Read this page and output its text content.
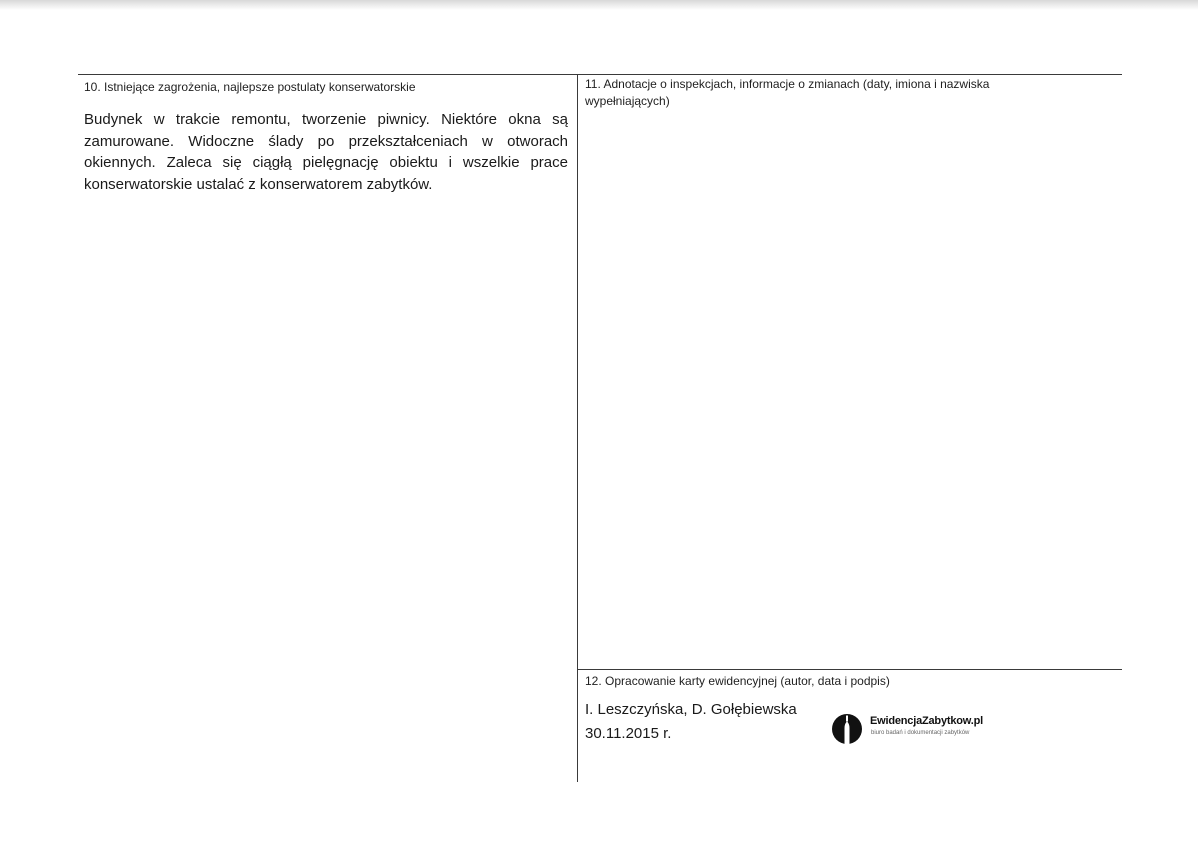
10. Istniejące zagrożenia, najlepsze postulaty konserwatorskie
Budynek w trakcie remontu, tworzenie piwnicy. Niektóre okna są
zamurowane. Widoczne ślady po przekształceniach w otworach
okiennych. Zaleca się ciągłą pielęgnację obiektu i wszelkie prace
konserwatorskie ustalać z konserwatorem zabytków.
11. Adnotacje o inspekcjach, informacje o zmianach (daty, imiona i nazwiska
wypełniających)
12. Opracowanie karty ewidencyjnej (autor, data i podpis)
I. Leszczyńska, D. Gołębiewska
30.11.2015 r.
EwidencjaZabytkow.pl
biuro badań i dokumentacji zabytków
